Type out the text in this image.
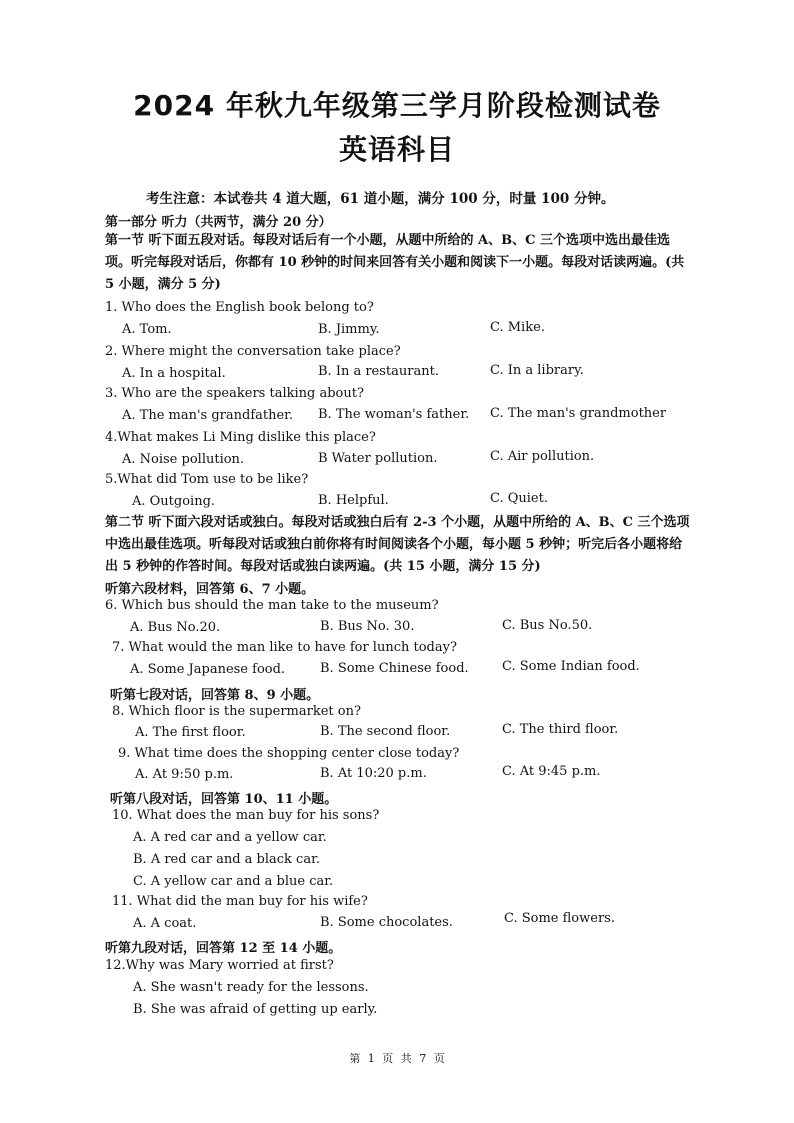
2024 年秋九年级第三学月阶段检测试卷
英语科目
考生注意：本试卷共 4 道大题，61 道小题，满分 100 分，时量 100 分钟。
第一部分 听力（共两节，满分 20 分）
第一节 听下面五段对话。每段对话后有一个小题，从题中所给的 A、B、C 三个选项中选出最佳选项。听完每段对话后，你都有 10 秒钟的时间来回答有关小题和阅读下一小题。每段对话读两遍。(共 5 小题，满分 5 分)
1. Who does the English book belong to?
A. Tom.	B. Jimmy.	C. Mike.
2. Where might the conversation take place?
A. In a hospital.	B. In a restaurant.	C. In a library.
3. Who are the speakers talking about?
A. The man's grandfather. B. The woman's father. C. The man's grandmother
4.What makes Li Ming dislike this place?
A. Noise pollution.	B Water pollution.	C. Air pollution.
5.What did Tom use to be like?
A. Outgoing.	B. Helpful.	C. Quiet.
第二节 听下面六段对话或独白。每段对话或独白后有 2-3 个小题，从题中所给的 A、B、C 三个选项中选出最佳选项。听每段对话或独白前你将有时间阅读各个小题，每小题 5 秒钟；听完后各小题将给出 5 秒钟的作答时间。每段对话或独白读两遍。(共 15 小题，满分 15 分)
听第六段材料，回答第 6、7 小题。
6. Which bus should the man take to the museum?
A. Bus No.20.	B. Bus No. 30.	C. Bus No.50.
7. What would the man like to have for lunch today?
A. Some Japanese food.	B. Some Chinese food.	C. Some Indian food.
听第七段对话，回答第 8、9 小题。
8. Which floor is the supermarket on?
A. The first floor.	B. The second floor.	C. The third floor.
9. What time does the shopping center close today?
A. At 9:50 p.m.	B. At 10:20 p.m.	C. At 9:45 p.m.
听第八段对话，回答第 10、11 小题。
10. What does the man buy for his sons?
A. A red car and a yellow car.
B. A red car and a black car.
C. A yellow car and a blue car.
11. What did the man buy for his wife?
A. A coat.	B. Some chocolates.	C. Some flowers.
听第九段对话，回答第 12 至 14 小题。
12.Why was Mary worried at first?
A. She wasn't ready for the lessons.
B. She was afraid of getting up early.
第 1 页 共 7 页
